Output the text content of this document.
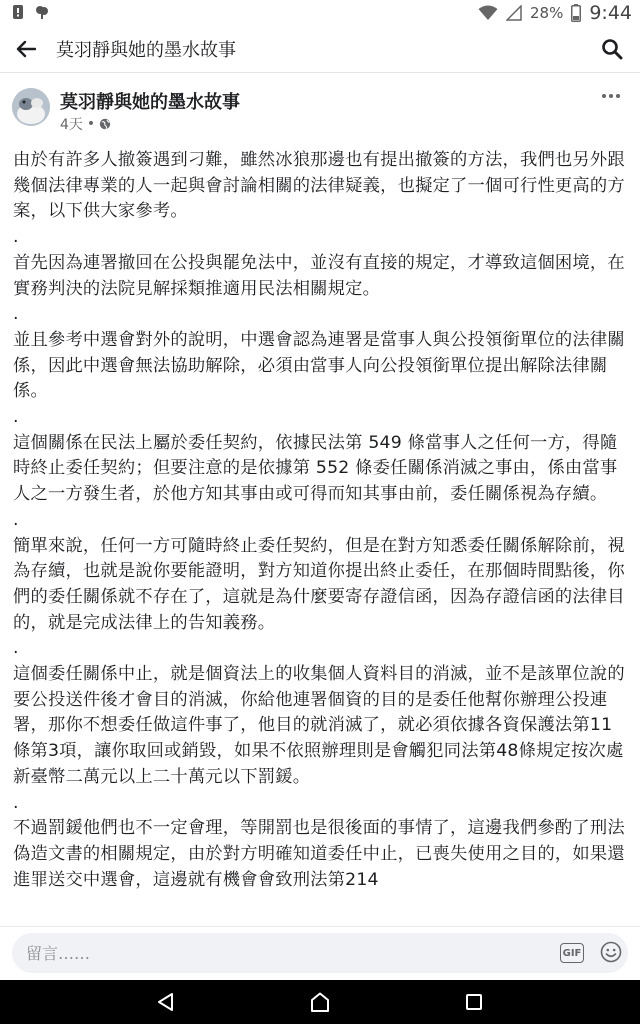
28% 9:44
莫羽靜與她的墨水故事
莫羽靜與她的墨水故事
4天 •

由於有許多人撤簽遇到刁難，雖然冰狼那邊也有提出撤簽的方法，我們也另外跟幾個法律專業的人一起與會討論相關的法律疑義，也擬定了一個可行性更高的方案，以下供大家參考。

.

首先因為連署撤回在公投與罷免法中，並沒有直接的規定，才導致這個困境，在實務判決的法院見解採類推適用民法相關規定。

.

並且參考中選會對外的說明，中選會認為連署是當事人與公投領銜單位的法律關係，因此中選會無法協助解除，必須由當事人向公投領銜單位提出解除法律關係。

.

這個關係在民法上屬於委任契約，依據民法第 549 條當事人之任何一方，得隨時終止委任契約；但要注意的是依據第 552 條委任關係消滅之事由，係由當事人之一方發生者，於他方知其事由或可得而知其事由前，委任關係視為存續。

.

簡單來說，任何一方可隨時終止委任契約，但是在對方知悉委任關係解除前，視為存續，也就是說你要能證明，對方知道你提出終止委任，在那個時間點後，你們的委任關係就不存在了，這就是為什麼要寄存證信函，因為存證信函的法律目的，就是完成法律上的告知義務。

.

這個委任關係中止，就是個資法上的收集個人資料目的消滅，並不是該單位說的要公投送件後才會目的消滅，你給他連署個資的目的是委任他幫你辦理公投連署，那你不想委任做這件事了，他目的就消滅了，就必須依據各資保護法第11條第3項，讓你取回或銷毀，如果不依照辦理則是會觸犯同法第48條規定按次處新臺幣二萬元以上二十萬元以下罰鍰。

.

不過罰鍰他們也不一定會理，等開罰也是很後面的事情了，這邊我們參酌了刑法偽造文書的相關規定，由於對方明確知道委任中止，已喪失使用之目的，如果還進罪送交中選會，這邊就有機會會致刑法第214

留言……
GIF
